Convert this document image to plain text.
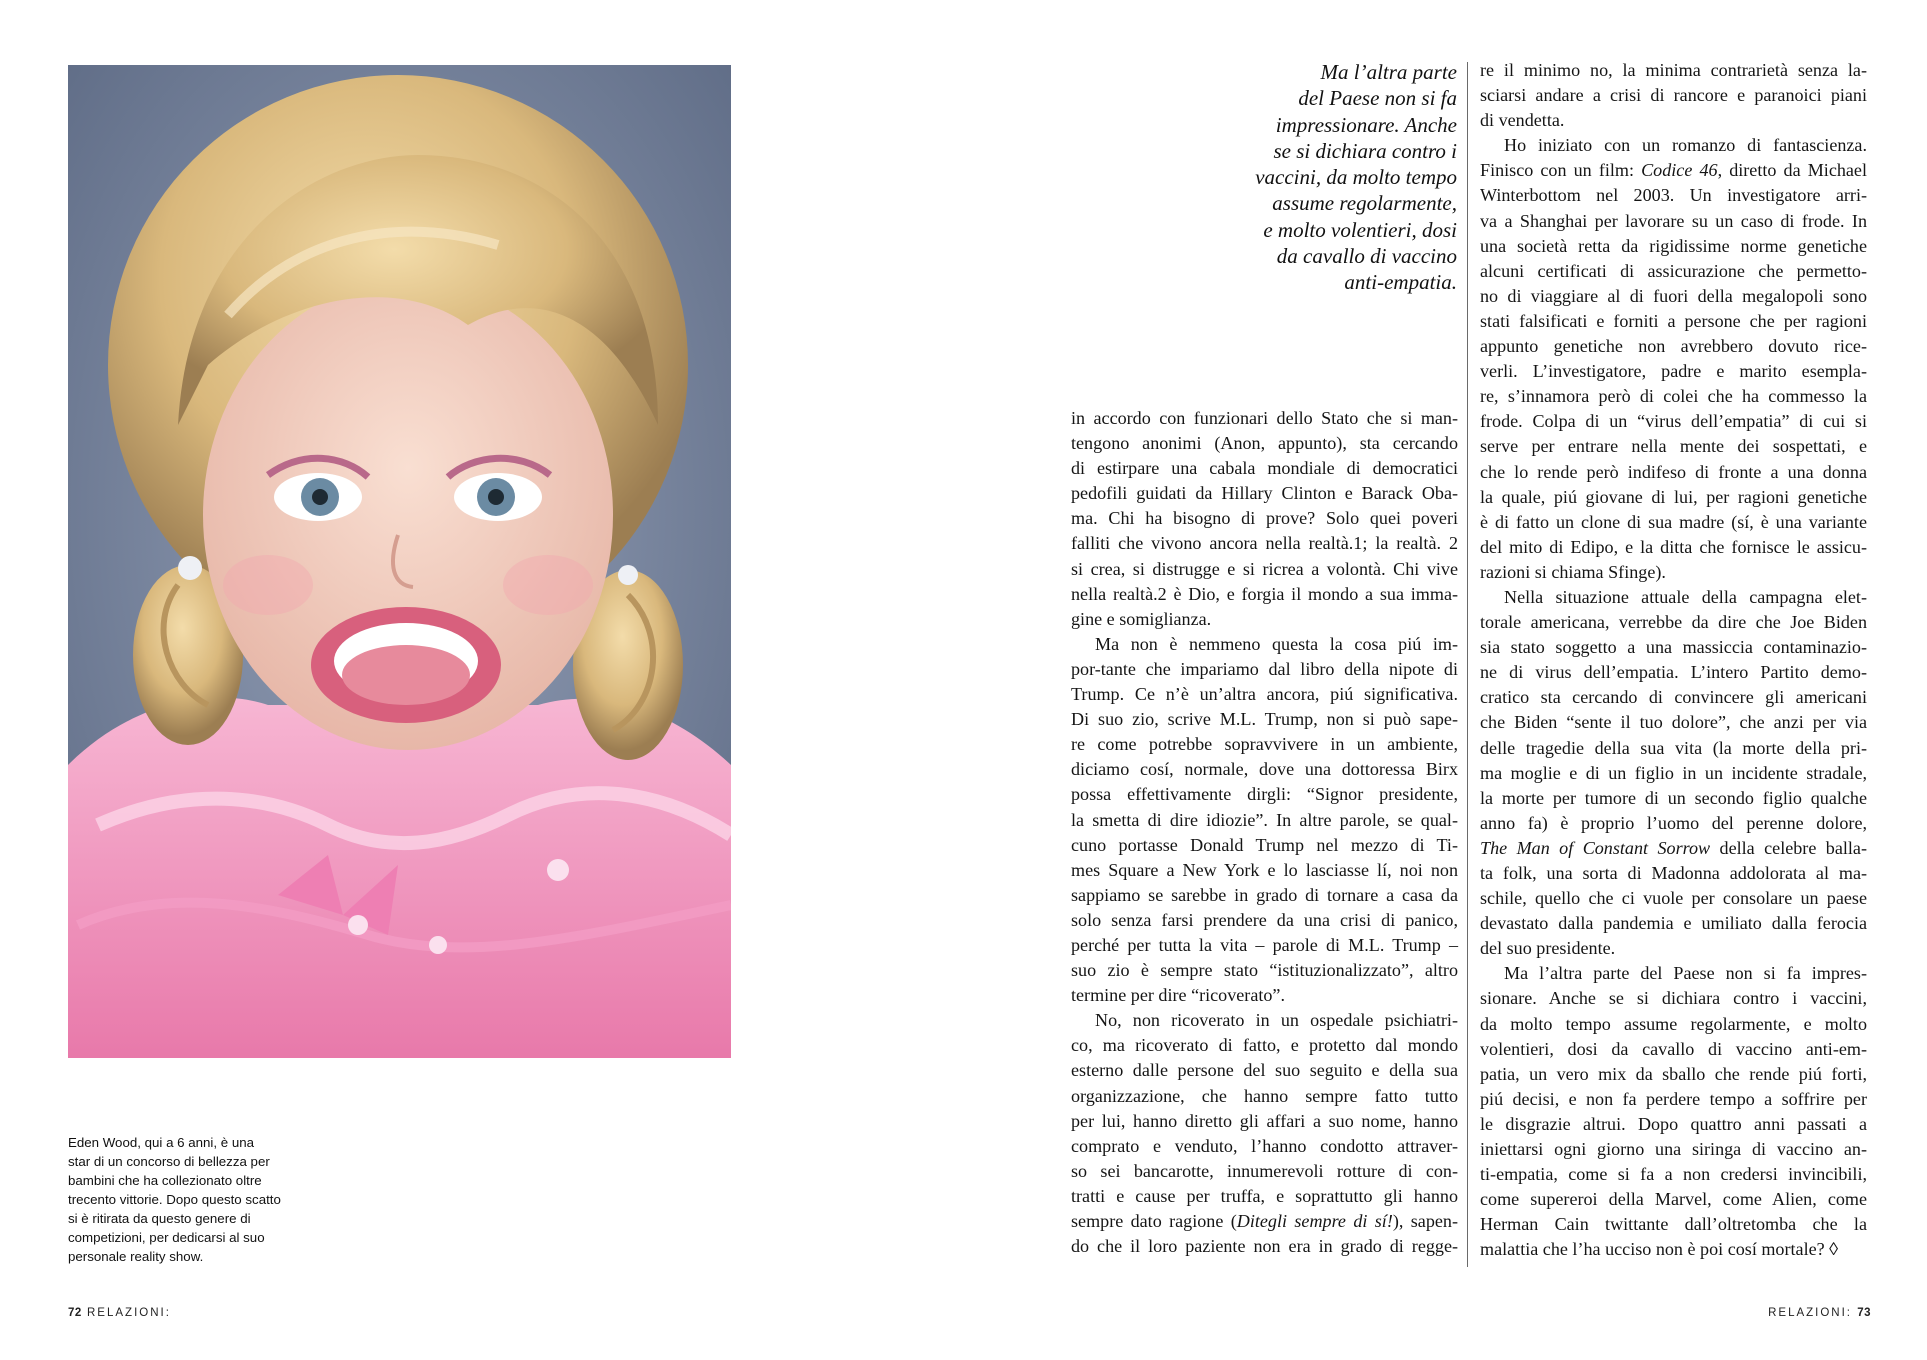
Eden Wood, qui a 6 anni, è una
star di un concorso di bellezza per
bambini che ha collezionato oltre
trecento vittorie. Dopo questo scatto
si è ritirata da questo genere di
competizioni, per dedicarsi al suo
personale reality show.
72 RELAZIONI:	RELAZIONI: 73
Ma l’altra parte
del Paese non si fa
impressionare. Anche
se si dichiara contro i
vaccini, da molto tempo
assume regolarmente,
e molto volentieri, dosi
da cavallo di vaccino
anti-empatia.
in accordo con funzionari dello Stato che si man-
tengono anonimi (Anon, appunto), sta cercando
di estirpare una cabala mondiale di democratici
pedofili guidati da Hillary Clinton e Barack Oba-
ma. Chi ha bisogno di prove? Solo quei poveri
falliti che vivono ancora nella realtà.1; la realtà. 2
si crea, si distrugge e si ricrea a volontà. Chi vive
nella realtà.2 è Dio, e forgia il mondo a sua imma-
gine e somiglianza.
Ma non è nemmeno questa la cosa piú im-
por-tante che impariamo dal libro della nipote di
Trump. Ce n’è un’altra ancora, piú significativa.
Di suo zio, scrive M.L. Trump, non si può sape-
re come potrebbe sopravvivere in un ambiente,
diciamo cosí, normale, dove una dottoressa Birx
possa effettivamente dirgli: “Signor presidente,
la smetta di dire idiozie”. In altre parole, se qual-
cuno portasse Donald Trump nel mezzo di Ti-
mes Square a New York e lo lasciasse lí, noi non
sappiamo se sarebbe in grado di tornare a casa da
solo senza farsi prendere da una crisi di panico,
perché per tutta la vita – parole di M.L. Trump –
suo zio è sempre stato “istituzionalizzato”, altro
termine per dire “ricoverato”.
No, non ricoverato in un ospedale psichiatri-
co, ma ricoverato di fatto, e protetto dal mondo
esterno dalle persone del suo seguito e della sua
organizzazione, che hanno sempre fatto tutto
per lui, hanno diretto gli affari a suo nome, hanno
comprato e venduto, l’hanno condotto attraver-
so sei bancarotte, innumerevoli rotture di con-
tratti e cause per truffa, e soprattutto gli hanno
sempre dato ragione (Ditegli sempre di sí!), sapen-
do che il loro paziente non era in grado di regge-
re il minimo no, la minima contrarietà senza la-
sciarsi andare a crisi di rancore e paranoici piani
di vendetta.
Ho iniziato con un romanzo di fantascienza.
Finisco con un film: Codice 46, diretto da Michael
Winterbottom nel 2003. Un investigatore arri-
va a Shanghai per lavorare su un caso di frode. In
una società retta da rigidissime norme genetiche
alcuni certificati di assicurazione che permetto-
no di viaggiare al di fuori della megalopoli sono
stati falsificati e forniti a persone che per ragioni
appunto genetiche non avrebbero dovuto rice-
verli. L’investigatore, padre e marito esempla-
re, s’innamora però di colei che ha commesso la
frode. Colpa di un “virus dell’empatia” di cui si
serve per entrare nella mente dei sospettati, e
che lo rende però indifeso di fronte a una donna
la quale, piú giovane di lui, per ragioni genetiche
è di fatto un clone di sua madre (sí, è una variante
del mito di Edipo, e la ditta che fornisce le assicu-
razioni si chiama Sfinge).
Nella situazione attuale della campagna elet-
torale americana, verrebbe da dire che Joe Biden
sia stato soggetto a una massiccia contaminazio-
ne di virus dell’empatia. L’intero Partito demo-
cratico sta cercando di convincere gli americani
che Biden “sente il tuo dolore”, che anzi per via
delle tragedie della sua vita (la morte della pri-
ma moglie e di un figlio in un incidente stradale,
la morte per tumore di un secondo figlio qualche
anno fa) è proprio l’uomo del perenne dolore,
The Man of Constant Sorrow della celebre balla-
ta folk, una sorta di Madonna addolorata al ma-
schile, quello che ci vuole per consolare un paese
devastato dalla pandemia e umiliato dalla ferocia
del suo presidente.
Ma l’altra parte del Paese non si fa impres-
sionare. Anche se si dichiara contro i vaccini,
da molto tempo assume regolarmente, e molto
volentieri, dosi da cavallo di vaccino anti-em-
patia, un vero mix da sballo che rende piú forti,
piú decisi, e non fa perdere tempo a soffrire per
le disgrazie altrui. Dopo quattro anni passati a
iniettarsi ogni giorno una siringa di vaccino an-
ti-empatia, come si fa a non credersi invincibili,
come supereroi della Marvel, come Alien, come
Herman Cain twittante dall’oltretomba che la
malattia che l’ha ucciso non è poi cosí mortale? ◊
